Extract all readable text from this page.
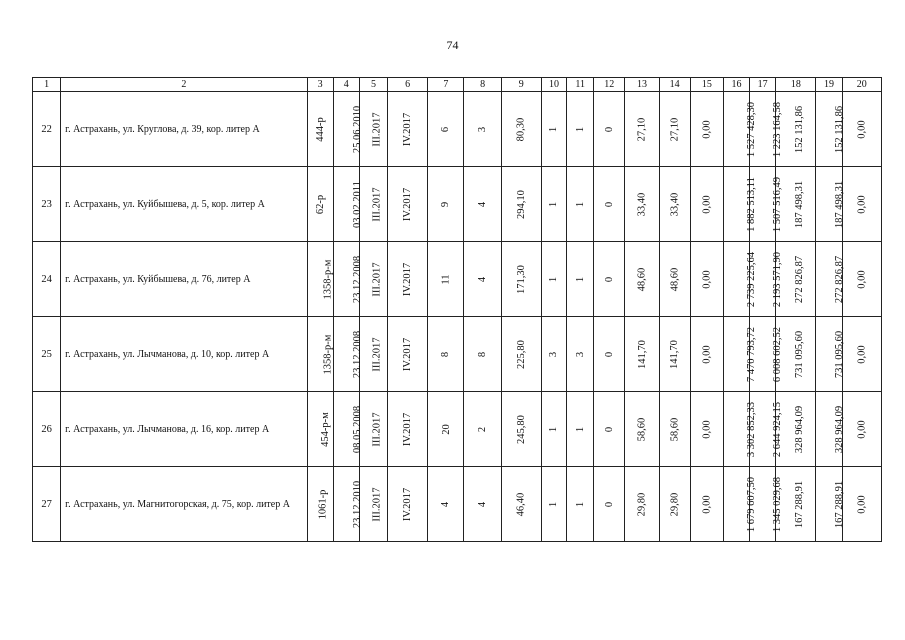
74
1	2	3	4	5	6	7	8	9	10	11	12	13	14	15	16	17	18	19	20
22	г. Астрахань, ул. Круглова, д. 39, кор. литер А	444-р	25.06.2010	III.2017	IV.2017	6	3	80,30	1	1	0	27,10	27,10	0,00	1 527 428,30	1 223 164,58	152 131,86	152 131,86	0,00
23	г. Астрахань, ул. Куйбышева, д. 5, кор. литер А	62-р	03.02.2011	III.2017	IV.2017	9	4	294,10	1	1	0	33,40	33,40	0,00	1 882 513,11	1 507 516,49	187 498,31	187 498,31	0,00
24	г. Астрахань, ул. Куйбышева, д. 76, литер А	1358-р-м	23.12.2008	III.2017	IV.2017	11	4	171,30	1	1	0	48,60	48,60	0,00	2 739 225,64	2 193 571,90	272 826,87	272 826,87	0,00
25	г. Астрахань, ул. Лычманова, д. 10, кор. литер А	1358-р-м	23.12.2008	III.2017	IV.2017	8	8	225,80	3	3	0	141,70	141,70	0,00	7 470 793,72	6 008 602,52	731 095,60	731 095,60	0,00
26	г. Астрахань, ул. Лычманова, д. 16, кор. литер А	454-р-м	08.05.2008	III.2017	IV.2017	20	2	245,80	1	1	0	58,60	58,60	0,00	3 302 852,33	2 644 924,15	328 964,09	328 964,09	0,00
27	г. Астрахань, ул. Магнитогорская, д. 75, кор. литер А	1061-р	23.12.2010	III.2017	IV.2017	4	4	46,40	1	1	0	29,80	29,80	0,00	1 679 607,50	1 345 029,68	167 288,91	167 288,91	0,00
